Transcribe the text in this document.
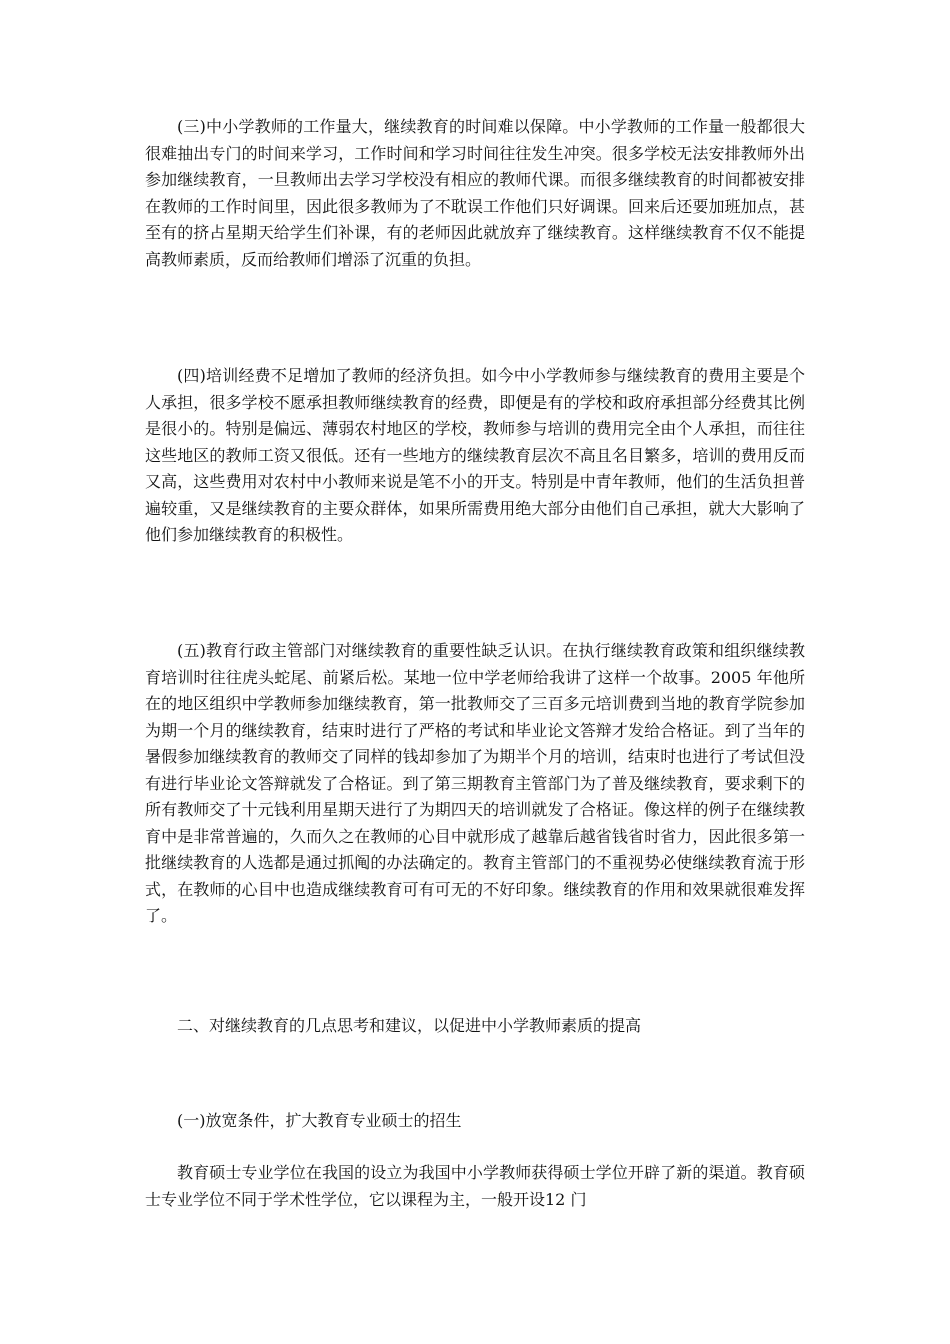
(三)中小学教师的工作量大，继续教育的时间难以保障。中小学教师的工作量一般都很大很难抽出专门的时间来学习，工作时间和学习时间往往发生冲突。很多学校无法安排教师外出参加继续教育，一旦教师出去学习学校没有相应的教师代课。而很多继续教育的时间都被安排在教师的工作时间里，因此很多教师为了不耽误工作他们只好调课。回来后还要加班加点，甚至有的挤占星期天给学生们补课，有的老师因此就放弃了继续教育。这样继续教育不仅不能提高教师素质，反而给教师们增添了沉重的负担。

(四)培训经费不足增加了教师的经济负担。如今中小学教师参与继续教育的费用主要是个人承担，很多学校不愿承担教师继续教育的经费，即便是有的学校和政府承担部分经费其比例是很小的。特别是偏远、薄弱农村地区的学校，教师参与培训的费用完全由个人承担，而往往这些地区的教师工资又很低。还有一些地方的继续教育层次不高且名目繁多，培训的费用反而又高，这些费用对农村中小教师来说是笔不小的开支。特别是中青年教师，他们的生活负担普遍较重，又是继续教育的主要众群体，如果所需费用绝大部分由他们自己承担，就大大影响了他们参加继续教育的积极性。

(五)教育行政主管部门对继续教育的重要性缺乏认识。在执行继续教育政策和组织继续教育培训时往往虎头蛇尾、前紧后松。某地一位中学老师给我讲了这样一个故事。2005 年他所在的地区组织中学教师参加继续教育，第一批教师交了三百多元培训费到当地的教育学院参加为期一个月的继续教育，结束时进行了严格的考试和毕业论文答辩才发给合格证。到了当年的暑假参加继续教育的教师交了同样的钱却参加了为期半个月的培训，结束时也进行了考试但没有进行毕业论文答辩就发了合格证。到了第三期教育主管部门为了普及继续教育，要求剩下的所有教师交了十元钱利用星期天进行了为期四天的培训就发了合格证。像这样的例子在继续教育中是非常普遍的，久而久之在教师的心目中就形成了越靠后越省钱省时省力，因此很多第一批继续教育的人选都是通过抓阄的办法确定的。教育主管部门的不重视势必使继续教育流于形式，在教师的心目中也造成继续教育可有可无的不好印象。继续教育的作用和效果就很难发挥了。

二、对继续教育的几点思考和建议，以促进中小学教师素质的提高
(一)放宽条件，扩大教育专业硕士的招生

教育硕士专业学位在我国的设立为我国中小学教师获得硕士学位开辟了新的渠道。教育硕士专业学位不同于学术性学位，它以课程为主，一般开设12 门
